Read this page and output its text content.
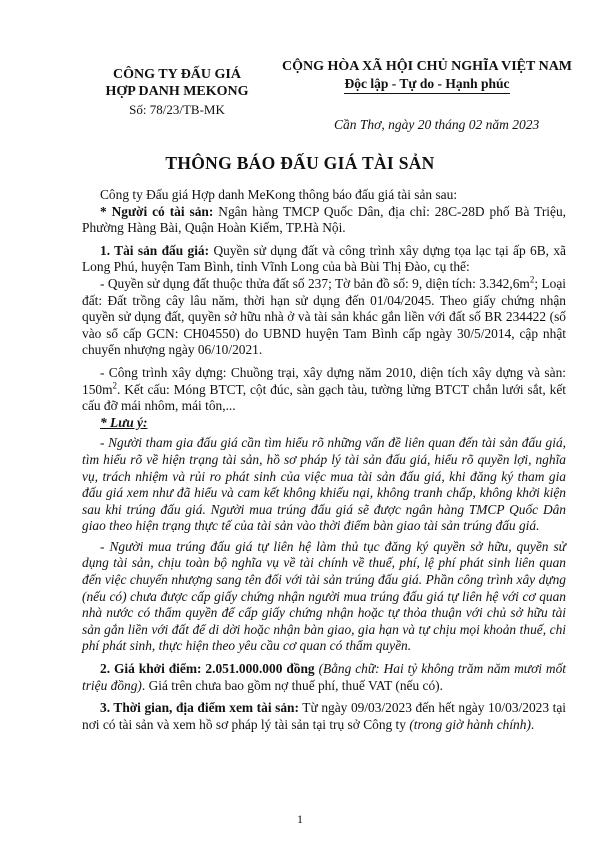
CÔNG TY ĐẤU GIÁ
HỢP DANH MEKONG
Số: 78/23/TB-MK
CỘNG HÒA XÃ HỘI CHỦ NGHĨA VIỆT NAM
Độc lập - Tự do - Hạnh phúc
Cần Thơ, ngày 20 tháng 02 năm 2023
THÔNG BÁO ĐẤU GIÁ TÀI SẢN

Công ty Đấu giá Hợp danh MeKong thông báo đấu giá tài sản sau:

* Người có tài sản: Ngân hàng TMCP Quốc Dân, địa chỉ: 28C-28D phố Bà Triệu, Phường Hàng Bài, Quận Hoàn Kiếm, TP.Hà Nội.

1. Tài sản đấu giá: Quyền sử dụng đất và công trình xây dựng tọa lạc tại ấp 6B, xã Long Phú, huyện Tam Bình, tỉnh Vĩnh Long của bà Bùi Thị Đào, cụ thể:

- Quyền sử dụng đất thuộc thửa đất số 237; Tờ bản đồ số: 9, diện tích: $3.342,6m^2$; Loại đất: Đất trồng cây lâu năm, thời hạn sử dụng đến 01/04/2045. Theo giấy chứng nhận quyền sử dụng đất, quyền sở hữu nhà ở và tài sản khác gắn liền với đất số BR 234422 (số vào sổ cấp GCN: CH04550) do UBND huyện Tam Bình cấp ngày 30/5/2014, cập nhật chuyển nhượng ngày 06/10/2021.

- Công trình xây dựng: Chuồng trại, xây dựng năm 2010, diện tích xây dựng và sàn: $150m^2$. Kết cấu: Móng BTCT, cột đúc, sàn gạch tàu, tường lửng BTCT chắn lưới sắt, kết cấu đỡ mái nhôm, mái tôn,...

* Lưu ý:

- Người tham gia đấu giá cần tìm hiểu rõ những vấn đề liên quan đến tài sản đấu giá, tìm hiểu rõ về hiện trạng tài sản, hồ sơ pháp lý tài sản đấu giá, hiểu rõ quyền lợi, nghĩa vụ, trách nhiệm và rủi ro phát sinh của việc mua tài sản đấu giá, khi đăng ký tham gia đấu giá xem như đã hiểu và cam kết không khiếu nại, không tranh chấp, không khởi kiện sau khi trúng đấu giá. Người mua trúng đấu giá sẽ được ngân hàng TMCP Quốc Dân giao theo hiện trạng thực tế của tài sản vào thời điểm bàn giao tài sản trúng đấu giá.

- Người mua trúng đấu giá tự liên hệ làm thủ tục đăng ký quyền sở hữu, quyền sử dụng tài sản, chịu toàn bộ nghĩa vụ về tài chính về thuế, phí, lệ phí phát sinh liên quan đến việc chuyển nhượng sang tên đối với tài sản trúng đấu giá. Phần công trình xây dựng (nếu có) chưa được cấp giấy chứng nhận người mua trúng đấu giá tự liên hệ với cơ quan nhà nước có thẩm quyền để cấp giấy chứng nhận hoặc tự thỏa thuận với chủ sở hữu tài sản gắn liền với đất để di dời hoặc nhận bàn giao, gia hạn và tự chịu mọi khoản thuế, chi phí phát sinh, thực hiện theo yêu cầu cơ quan có thẩm quyền.

2. Giá khởi điểm: 2.051.000.000 đồng (Bằng chữ: Hai tỷ không trăm năm mươi mốt triệu đồng). Giá trên chưa bao gồm nợ thuế phí, thuế VAT (nếu có).

3. Thời gian, địa điểm xem tài sản: Từ ngày 09/03/2023 đến hết ngày 10/03/2023 tại nơi có tài sản và xem hồ sơ pháp lý tài sản tại trụ sở Công ty (trong giờ hành chính).

1
